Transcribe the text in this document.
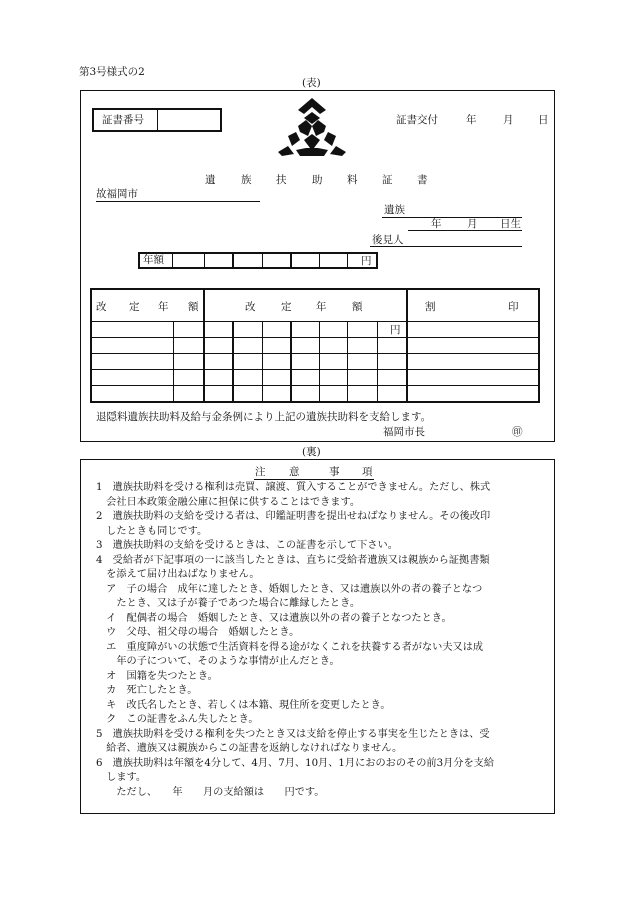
第3号様式の2
(表)
証書番号	証書交付	年	月 日
遺 族 扶 助 料 証 書
故福岡市
遺族
年 月 日生
後見人
年額	円
改 定 年 額	改 定 年 額	割	印
円
退隠料遺族扶助料及給与金条例により上記の遺族扶助料を支給します。
福岡市長	㊞
(裏)
注 意	事 項

1　遺族扶助料を受ける権利は売買、譲渡、質入することができません。ただし、株式

　会社日本政策金融公庫に担保に供することはできます。

2　遺族扶助料の支給を受ける者は、印鑑証明書を提出せねばなりません。その後改印

　したときも同じです。

3　遺族扶助料の支給を受けるときは、この証書を示して下さい。

4　受給者が下記事項の一に該当したときは、直ちに受給者遺族又は親族から証拠書類

　を添えて届け出ねばなりません。

　ア　子の場合　成年に達したとき、婚姻したとき、又は遺族以外の者の養子となつ

　　たとき、又は子が養子であつた場合に離縁したとき。

　イ　配偶者の場合　婚姻したとき、又は遺族以外の者の養子となつたとき。

　ウ　父母、祖父母の場合　婚姻したとき。

　エ　重度障がいの状態で生活資料を得る途がなくこれを扶養する者がない夫又は成

　　年の子について、そのような事情が止んだとき。

　オ　国籍を失つたとき。

　カ　死亡したとき。

　キ　改氏名したとき、若しくは本籍、現住所を変更したとき。

　ク　この証書をふん失したとき。

5　遺族扶助料を受ける権利を失つたとき又は支給を停止する事実を生じたときは、受

　給者、遺族又は親族からこの証書を返納しなければなりません。

6　遺族扶助料は年額を4分して、4月、7月、10月、1月におのおのその前3月分を支給

　します。

　　ただし、　　年　　月の支給額は　　円です。
